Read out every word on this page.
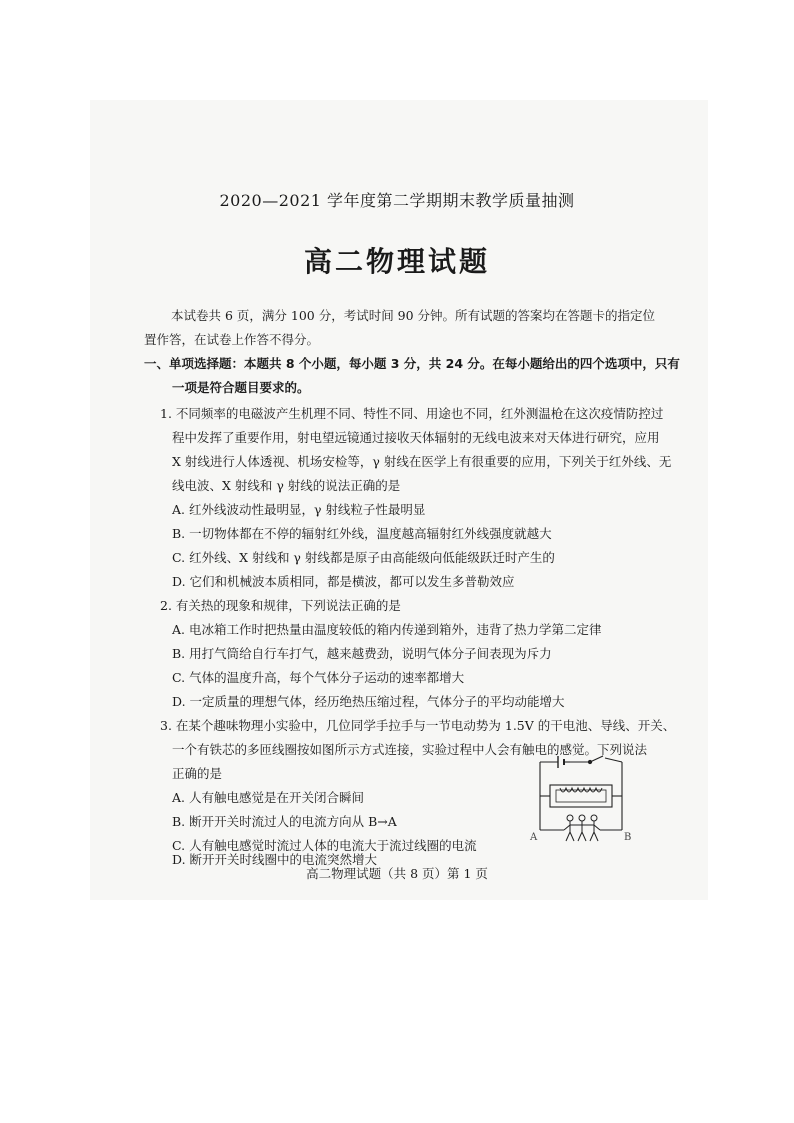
2020—2021 学年度第二学期期末教学质量抽测
高二物理试题
本试卷共 6 页，满分 100 分，考试时间 90 分钟。所有试题的答案均在答题卡的指定位
置作答，在试卷上作答不得分。
一、单项选择题：本题共 8 个小题，每小题 3 分，共 24 分。在每小题给出的四个选项中，只有
一项是符合题目要求的。
1. 不同频率的电磁波产生机理不同、特性不同、用途也不同，红外测温枪在这次疫情防控过
程中发挥了重要作用，射电望远镜通过接收天体辐射的无线电波来对天体进行研究，应用
X 射线进行人体透视、机场安检等，γ 射线在医学上有很重要的应用，下列关于红外线、无
线电波、X 射线和 γ 射线的说法正确的是
A. 红外线波动性最明显，γ 射线粒子性最明显
B. 一切物体都在不停的辐射红外线，温度越高辐射红外线强度就越大
C. 红外线、X 射线和 γ 射线都是原子由高能级向低能级跃迁时产生的
D. 它们和机械波本质相同，都是横波，都可以发生多普勒效应
2. 有关热的现象和规律，下列说法正确的是
A. 电冰箱工作时把热量由温度较低的箱内传递到箱外，违背了热力学第二定律
B. 用打气筒给自行车打气，越来越费劲，说明气体分子间表现为斥力
C. 气体的温度升高，每个气体分子运动的速率都增大
D. 一定质量的理想气体，经历绝热压缩过程，气体分子的平均动能增大
3. 在某个趣味物理小实验中，几位同学手拉手与一节电动势为 1.5V 的干电池、导线、开关、
一个有铁芯的多匝线圈按如图所示方式连接，实验过程中人会有触电的感觉。下列说法
正确的是
A. 人有触电感觉是在开关闭合瞬间
B. 断开开关时流过人的电流方向从 B→A
C. 人有触电感觉时流过人体的电流大于流过线圈的电流
D. 断开开关时线圈中的电流突然增大
A	B
高二物理试题（共 8 页）第 1 页
